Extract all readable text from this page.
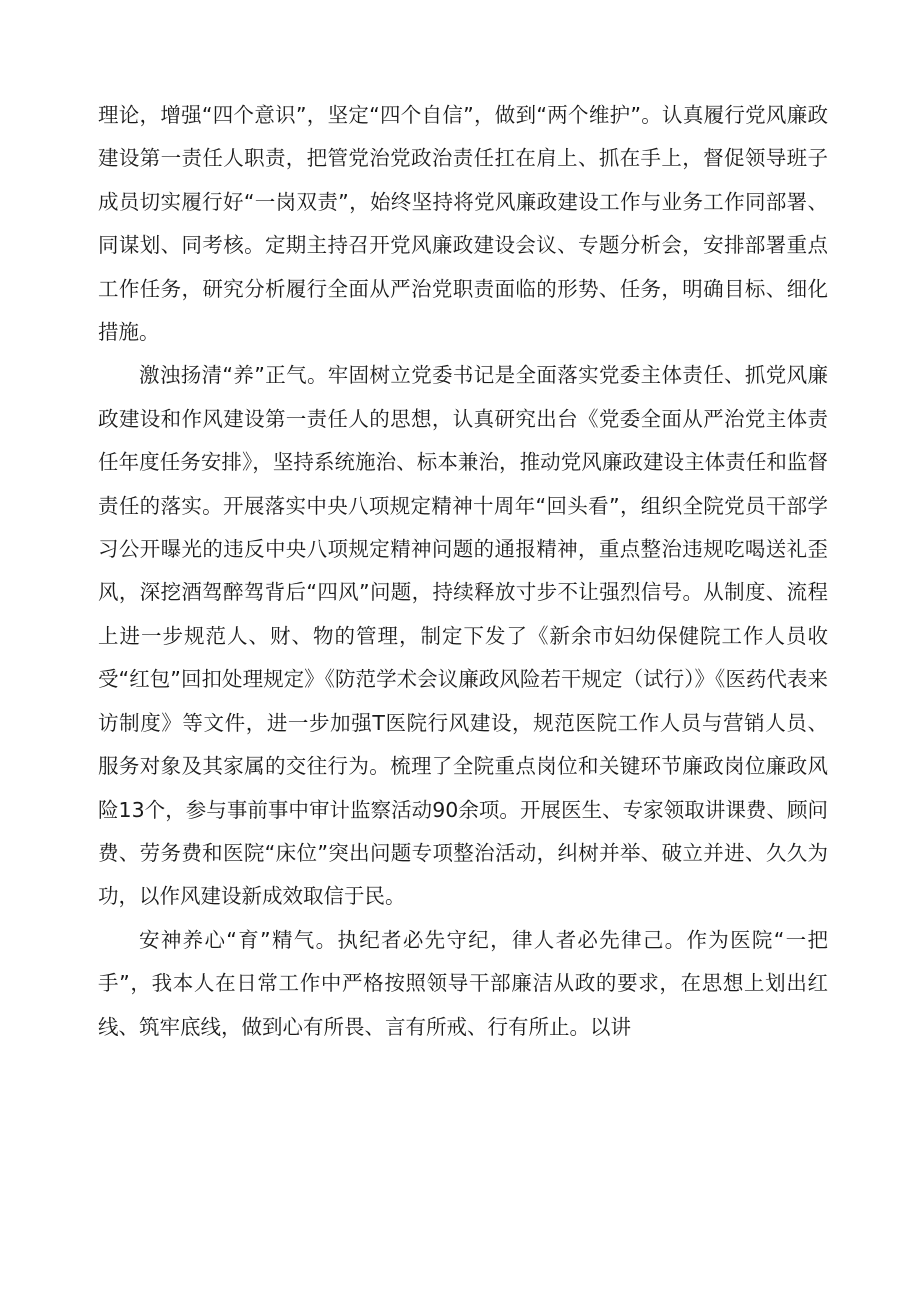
理论，增强“四个意识”，坚定“四个自信”，做到“两个维护”。认真履行党风廉政建设第一责任人职责，把管党治党政治责任扛在肩上、抓在手上，督促领导班子成员切实履行好“一岗双责”，始终坚持将党风廉政建设工作与业务工作同部署、同谋划、同考核。定期主持召开党风廉政建设会议、专题分析会，安排部署重点工作任务，研究分析履行全面从严治党职责面临的形势、任务，明确目标、细化措施。

激浊扬清“养”正气。牢固树立党委书记是全面落实党委主体责任、抓党风廉政建设和作风建设第一责任人的思想，认真研究出台《党委全面从严治党主体责任年度任务安排》，坚持系统施治、标本兼治，推动党风廉政建设主体责任和监督责任的落实。开展落实中央八项规定精神十周年“回头看”，组织全院党员干部学习公开曝光的违反中央八项规定精神问题的通报精神，重点整治违规吃喝送礼歪风，深挖酒驾醉驾背后“四风”问题，持续释放寸步不让强烈信号。从制度、流程上进一步规范人、财、物的管理，制定下发了《新余市妇幼保健院工作人员收受“红包”回扣处理规定》《防范学术会议廉政风险若干规定（试行）》《医药代表来访制度》等文件，进一步加强T医院行风建设，规范医院工作人员与营销人员、服务对象及其家属的交往行为。梳理了全院重点岗位和关键环节廉政岗位廉政风险13个，参与事前事中审计监察活动90余项。开展医生、专家领取讲课费、顾问费、劳务费和医院“床位”突出问题专项整治活动，纠树并举、破立并进、久久为功，以作风建设新成效取信于民。

安神养心“育”精气。执纪者必先守纪，律人者必先律己。作为医院“一把手”，我本人在日常工作中严格按照领导干部廉洁从政的要求，在思想上划出红线、筑牢底线，做到心有所畏、言有所戒、行有所止。以讲
